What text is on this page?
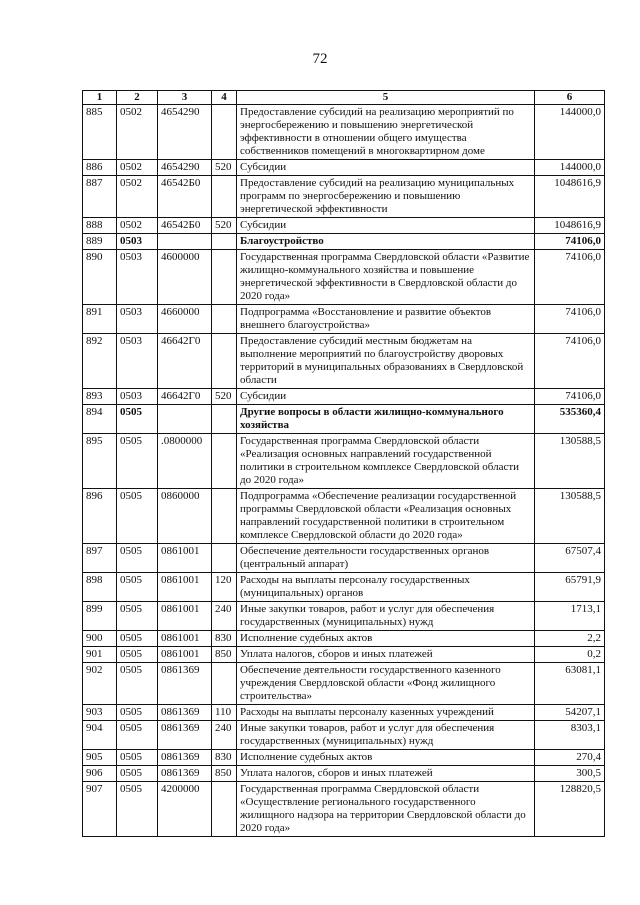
72
1	2	3	4	5	6
885	0502	4654290		Предоставление субсидий на реализацию мероприятий по энергосбережению и повышению энергетической эффективности в отношении общего имущества собственников помещений в многоквартирном доме	144000,0
886	0502	4654290	520	Субсидии	144000,0
887	0502	46542Б0		Предоставление субсидий на реализацию муниципальных программ по энергосбережению и повышению энергетической эффективности	1048616,9
888	0502	46542Б0	520	Субсидии	1048616,9
889	0503			Благоустройство	74106,0
890	0503	4600000		Государственная программа Свердловской области «Развитие жилищно-коммунального хозяйства и повышение энергетической эффективности в Свердловской области до 2020 года»	74106,0
891	0503	4660000		Подпрограмма «Восстановление и развитие объектов внешнего благоустройства»	74106,0
892	0503	46642Г0		Предоставление субсидий местным бюджетам на выполнение мероприятий по благоустройству дворовых территорий в муниципальных образованиях в Свердловской области	74106,0
893	0503	46642Г0	520	Субсидии	74106,0
894	0505			Другие вопросы в области жилищно-коммунального хозяйства	535360,4
895	0505	.0800000		Государственная программа Свердловской области «Реализация основных направлений государственной политики в строительном комплексе Свердловской области до 2020 года»	130588,5
896	0505	0860000		Подпрограмма «Обеспечение реализации государственной программы Свердловской области «Реализация основных направлений государственной политики в строительном комплексе Свердловской области до 2020 года»	130588,5
897	0505	0861001		Обеспечение деятельности государственных органов (центральный аппарат)	67507,4
898	0505	0861001	120	Расходы на выплаты персоналу государственных (муниципальных) органов	65791,9
899	0505	0861001	240	Иные закупки товаров, работ и услуг для обеспечения государственных (муниципальных) нужд	1713,1
900	0505	0861001	830	Исполнение судебных актов	2,2
901	0505	0861001	850	Уплата налогов, сборов и иных платежей	0,2
902	0505	0861369		Обеспечение деятельности государственного казенного учреждения Свердловской области «Фонд жилищного строительства»	63081,1
903	0505	0861369	110	Расходы на выплаты персоналу казенных учреждений	54207,1
904	0505	0861369	240	Иные закупки товаров, работ и услуг для обеспечения государственных (муниципальных) нужд	8303,1
905	0505	0861369	830	Исполнение судебных актов	270,4
906	0505	0861369	850	Уплата налогов, сборов и иных платежей	300,5
907	0505	4200000		Государственная программа Свердловской области «Осуществление регионального государственного жилищного надзора на территории Свердловской области до 2020 года»	128820,5
